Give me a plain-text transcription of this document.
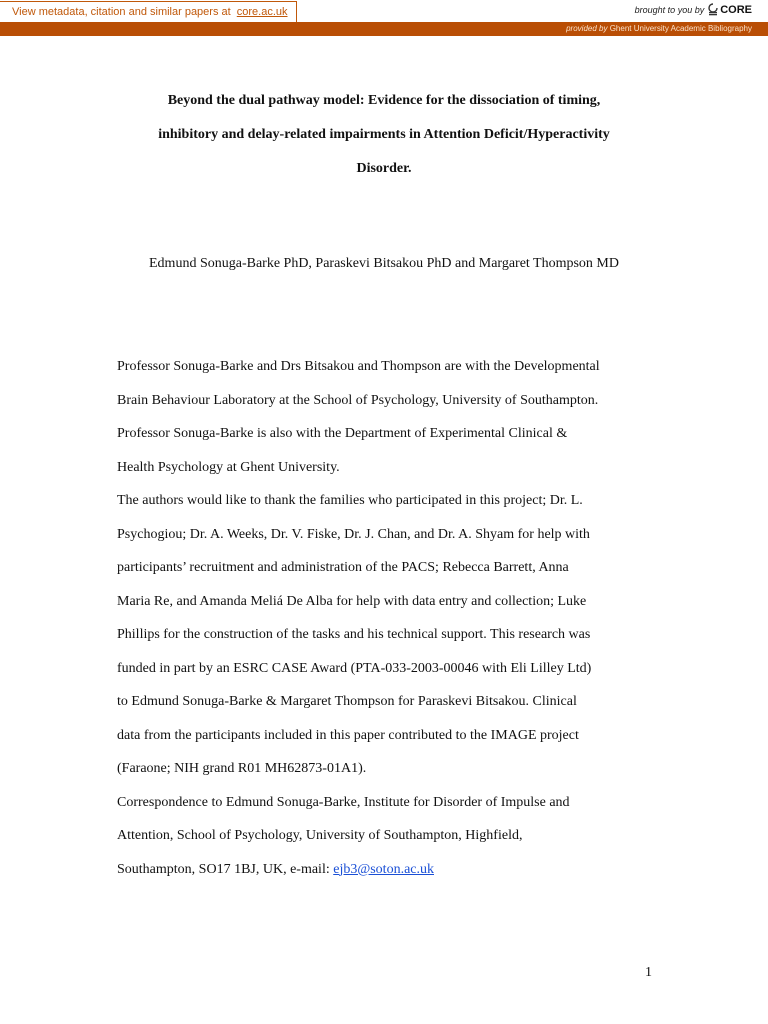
View metadata, citation and similar papers at core.ac.uk	brought to you by CORE
provided by Ghent University Academic Bibliography
Beyond the dual pathway model: Evidence for the dissociation of timing,
inhibitory and delay-related impairments in Attention Deficit/Hyperactivity
Disorder.

Edmund Sonuga-Barke PhD, Paraskevi Bitsakou PhD and Margaret Thompson MD

Professor Sonuga-Barke and Drs Bitsakou and Thompson are with the Developmental

Brain Behaviour Laboratory at the School of Psychology, University of Southampton.

Professor Sonuga-Barke is also with the Department of Experimental Clinical &

Health Psychology at Ghent University.

The authors would like to thank the families who participated in this project; Dr. L.

Psychogiou; Dr. A. Weeks, Dr. V. Fiske, Dr. J. Chan, and Dr. A. Shyam for help with

participants’ recruitment and administration of the PACS; Rebecca Barrett, Anna

Maria Re, and Amanda Meliá De Alba for help with data entry and collection; Luke

Phillips for the construction of the tasks and his technical support. This research was

funded in part by an ESRC CASE Award (PTA-033-2003-00046 with Eli Lilley Ltd)

to Edmund Sonuga-Barke & Margaret Thompson for Paraskevi Bitsakou. Clinical

data from the participants included in this paper contributed to the IMAGE project

(Faraone; NIH grand R01 MH62873-01A1).

Correspondence to Edmund Sonuga-Barke, Institute for Disorder of Impulse and

Attention, School of Psychology, University of Southampton, Highfield,

Southampton, SO17 1BJ, UK, e-mail: ejb3@soton.ac.uk

1
